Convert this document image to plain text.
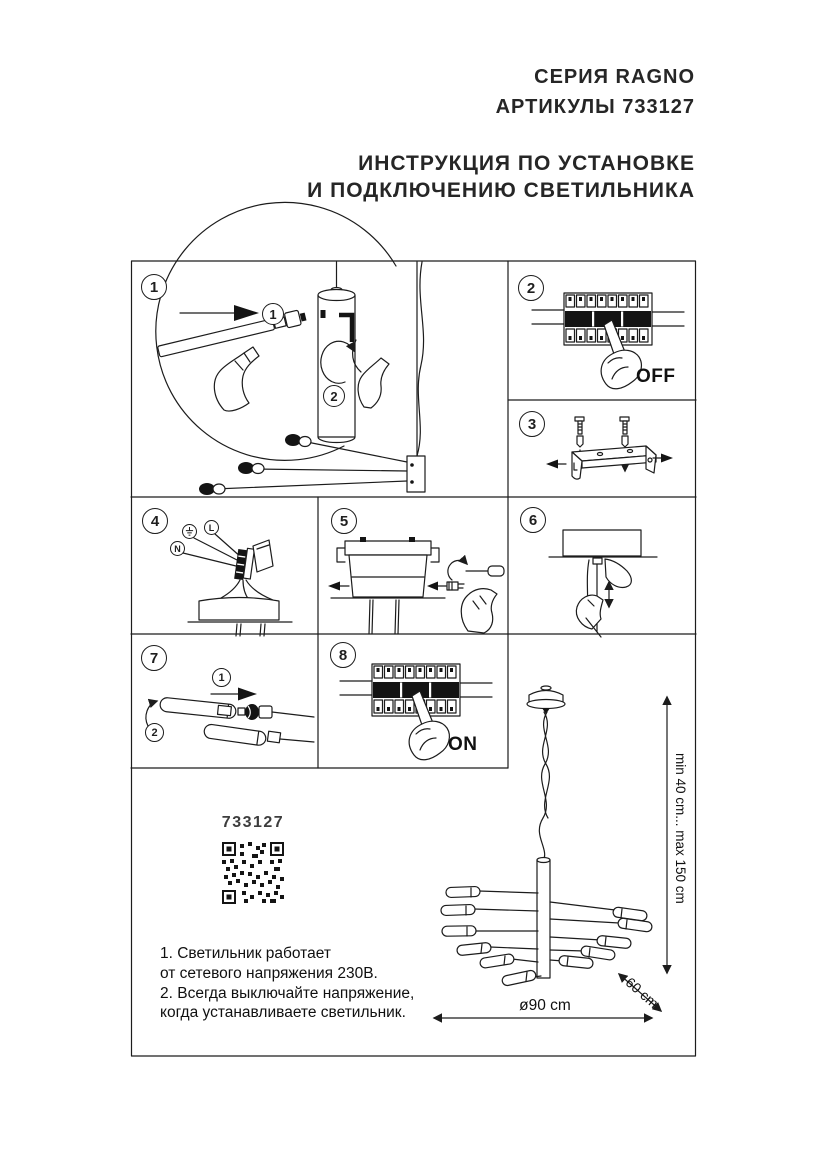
СЕРИЯ RAGNO
АРТИКУЛЫ 733127
ИНСТРУКЦИЯ ПО УСТАНОВКЕ
И ПОДКЛЮЧЕНИЮ СВЕТИЛЬНИКА
1	2
3
4	5	6
7	8
1
2
1
2
N
L
OFF
ON
733127
1. Светильник работает
от сетевого напряжения 230В.
2. Всегда выключайте напряжение,
когда устанавливаете светильник.
min 40 cm... max 150 cm
60 cm
ø90 cm
